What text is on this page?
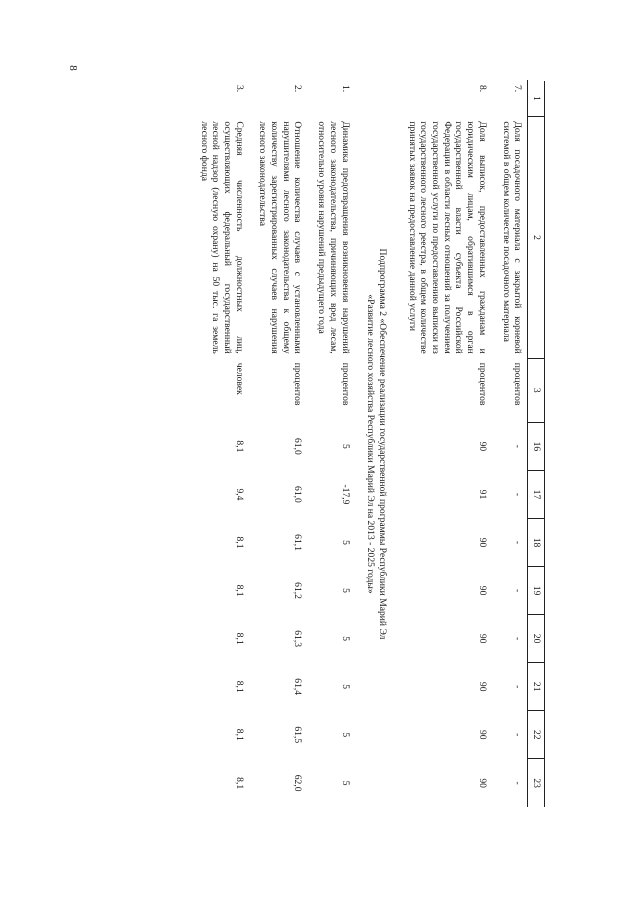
8
1	2	3	16	17	18	19	20	21	22	23
7.	Доля посадочного материала с закрытой корневой системой в общем количестве посадочного материала	процентов	-	-	-	-	-	-	-	-
8.	Доля выписок, предоставленных гражданам и юридическим лицам, обратившимся в орган государственной власти субъекта Российской Федерации в области лесных отношений за получением государственной услуги по предоставлению выписки из государственного лесного реестра, в общем количестве принятых заявок на предоставление данной услуги	процентов	90	91	90	90	90	90	90	90

Подпрограмма 2 «Обеспечение реализации государственной программы Республики Марий Эл
«Развитие лесного хозяйства Республики Марий Эл на 2013 - 2025 годы»										

1.	Динамика предотвращения возникновения нарушений лесного законодательства, причиняющих вред лесам, относительно уровня нарушений предыдущего года	процентов	5	-17,9	5	5	5	5	5	5
2.	Отношение количества случаев с установленными нарушителями лесного законодательства к общему количеству зарегистрированных случаев нарушения лесного законодательства	процентов	61,0	61,0	61,1	61,2	61,3	61,4	61,5	62,0
3.	Средняя численность должностных лиц, осуществляющих федеральный государственный лесной надзор (лесную охрану) на 50 тыс. га земель лесного фонда	человек	8,1	9,4	8,1	8,1	8,1	8,1	8,1	8,1
